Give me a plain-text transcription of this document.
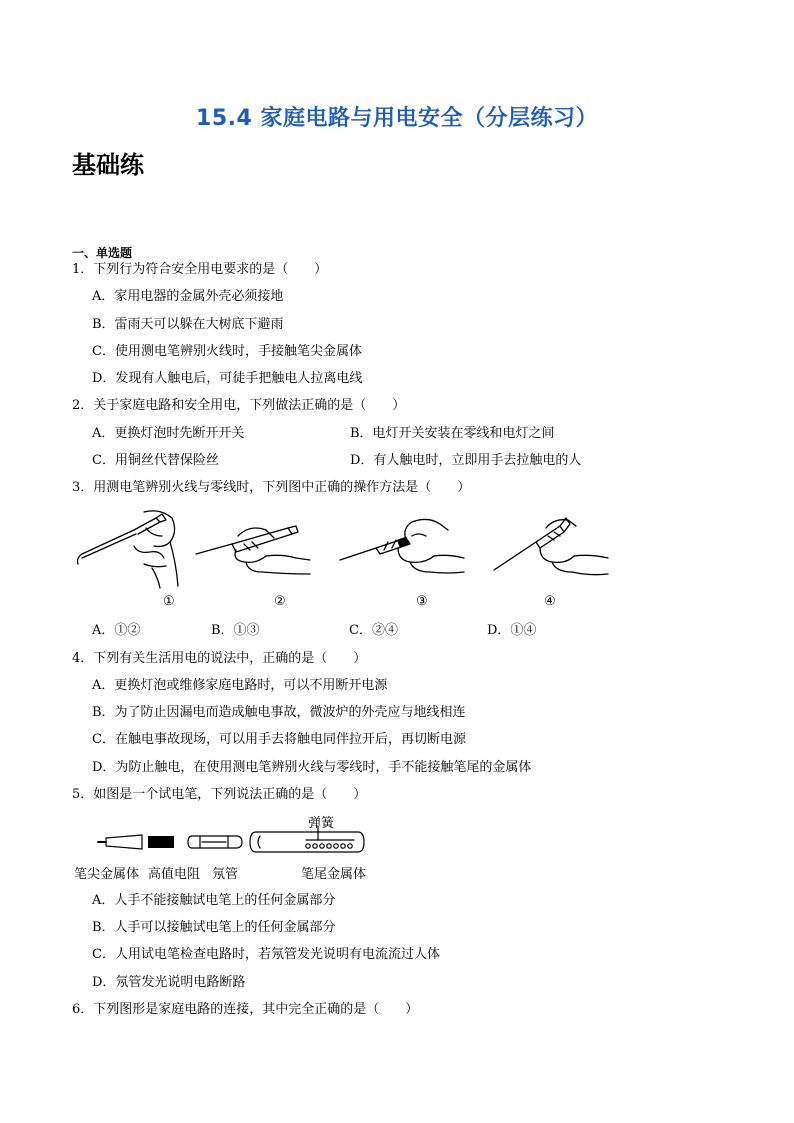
15.4 家庭电路与用电安全（分层练习）
基础练
一、单选题
1．下列行为符合安全用电要求的是（　　）
A．家用电器的金属外壳必须接地
B．雷雨天可以躲在大树底下避雨
C．使用测电笔辨别火线时，手接触笔尖金属体
D．发现有人触电后，可徒手把触电人拉离电线
2．关于家庭电路和安全用电，下列做法正确的是（　　）
A．更换灯泡时先断开开关	B．电灯开关安装在零线和电灯之间
C．用铜丝代替保险丝	D．有人触电时，立即用手去拉触电的人
3．用测电笔辨别火线与零线时，下列图中正确的操作方法是（　　）
①	②	③	④
A．①②	B．①③	C．②④	D．①④
4．下列有关生活用电的说法中，正确的是（　　）
A．更换灯泡或维修家庭电路时，可以不用断开电源
B．为了防止因漏电而造成触电事故，微波炉的外壳应与地线相连
C．在触电事故现场，可以用手去将触电同伴拉开后，再切断电源
D．为防止触电，在使用测电笔辨别火线与零线时，手不能接触笔尾的金属体
5．如图是一个试电笔，下列说法正确的是（　　）
弹簧
笔尖金属体 高值电阻 氖管	笔尾金属体
A．人手不能接触试电笔上的任何金属部分
B．人手可以接触试电笔上的任何金属部分
C．人用试电笔检查电路时，若氖管发光说明有电流流过人体
D．氖管发光说明电路断路
6．下列图形是家庭电路的连接，其中完全正确的是（　　）
